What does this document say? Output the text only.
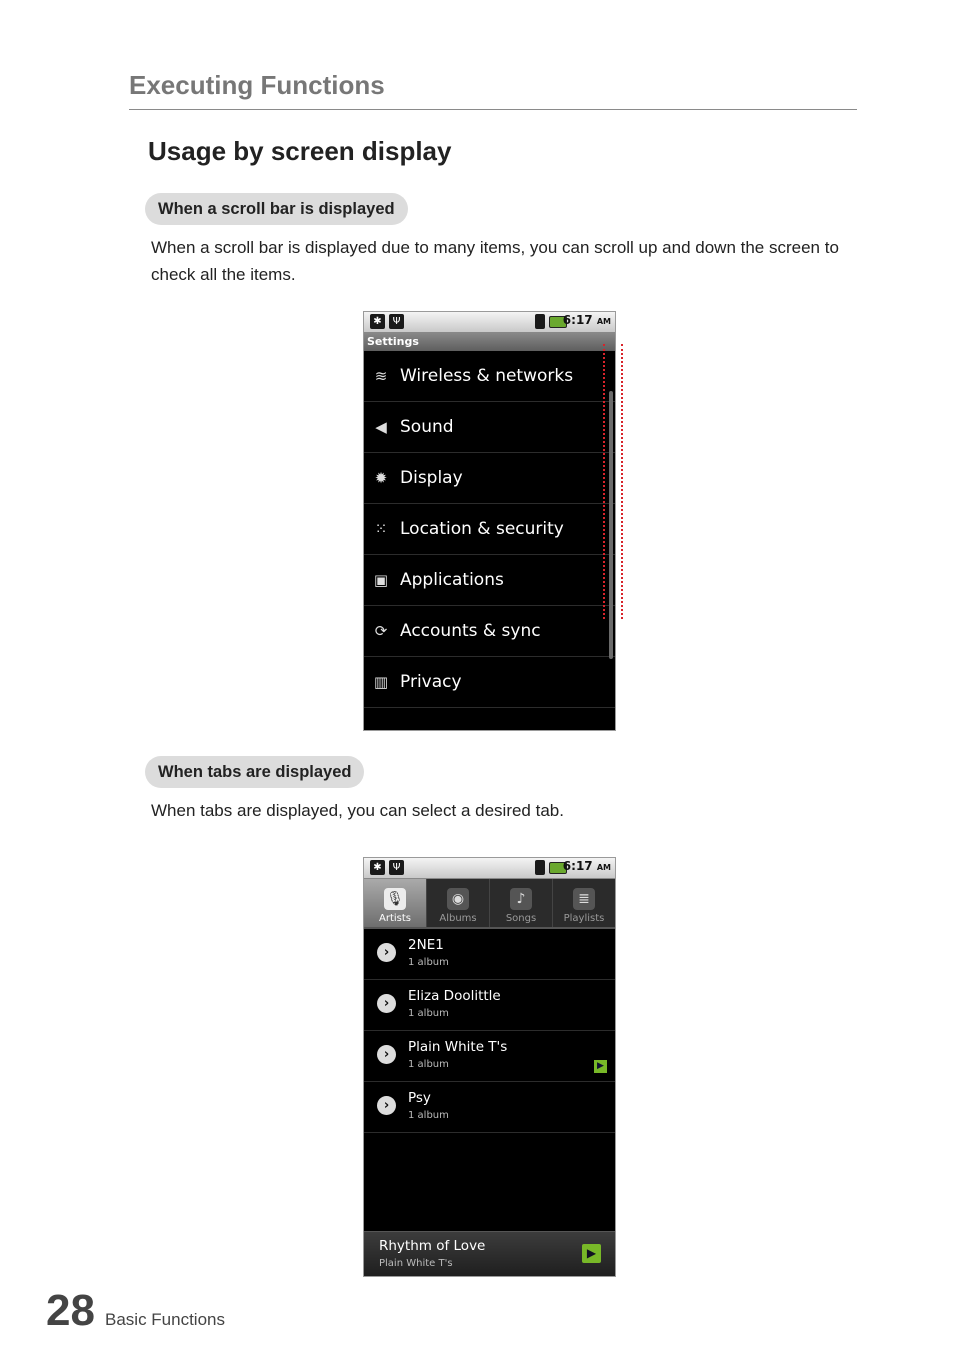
Executing Functions
Usage by screen display
When a scroll bar is displayed
When a scroll bar is displayed due to many items, you can scroll up and down the screen to check all the items.
✱	Ψ	6:17 AM
Settings
≋ Wireless & networks
◀ Sound
✹ Display
⁙ Location & security
▣ Applications
⟳ Accounts & sync
▥ Privacy
When tabs are displayed
When tabs are displayed, you can select a desired tab.
✱	Ψ	6:17 AM
🎙
Artists
◉
Albums
♪
Songs
≣
Playlists
›	2NE1
1 album
›	Eliza Doolittle
1 album
›	Plain White T's
1 album	▶
›	Psy
1 album
Rhythm of Love
Plain White T's
▶
28 Basic Functions
